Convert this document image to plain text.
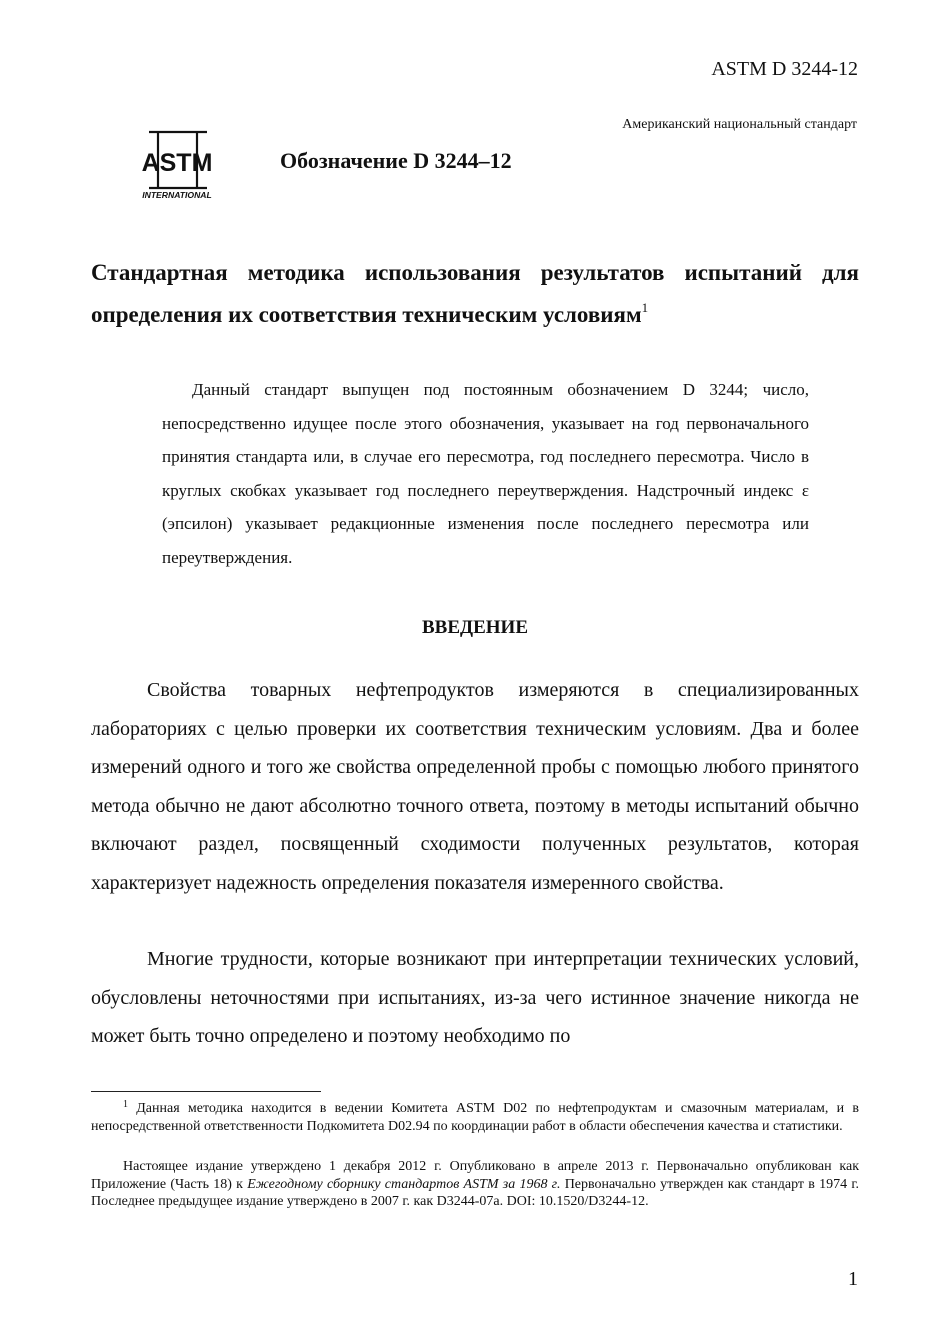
ASTM D 3244-12
Американский национальный стандарт
ASTM
INTERNATIONAL
Обозначение D 3244–12
Стандартная методика использования результатов испытаний для определения их соответствия техническим условиям$^1$

Данный стандарт выпущен под постоянным обозначением D 3244; число, непосредственно идущее после этого обозначения, указывает на год первоначального принятия стандарта или, в случае его пересмотра, год последнего пересмотра. Число в круглых скобках указывает год последнего переутверждения. Надстрочный индекс ε (эпсилон) указывает редакционные изменения после последнего пересмотра или переутверждения.

ВВЕДЕНИЕ

Свойства товарных нефтепродуктов измеряются в специализированных лабораториях с целью проверки их соответствия техническим условиям. Два и более измерений одного и того же свойства определенной пробы с помощью любого принятого метода обычно не дают абсолютно точного ответа, поэтому в методы испытаний обычно включают раздел, посвященный сходимости полученных результатов, которая характеризует надежность определения показателя измеренного свойства.

Многие трудности, которые возникают при интерпретации технических условий, обусловлены неточностями при испытаниях, из-за чего истинное значение никогда не может быть точно определено и поэтому необходимо по

$^1$ Данная методика находится в ведении Комитета ASTM D02 по нефтепродуктам и смазочным материалам, и в непосредственной ответственности Подкомитета D02.94 по координации работ в области обеспечения качества и статистики.

Настоящее издание утверждено 1 декабря 2012 г. Опубликовано в апреле 2013 г. Первоначально опубликован как Приложение (Часть 18) к Ежегодному сборнику стандартов ASTM за 1968 г. Первоначально утвержден как стандарт в 1974 г. Последнее предыдущее издание утверждено в 2007 г. как D3244-07a. DOI: 10.1520/D3244-12.

1
